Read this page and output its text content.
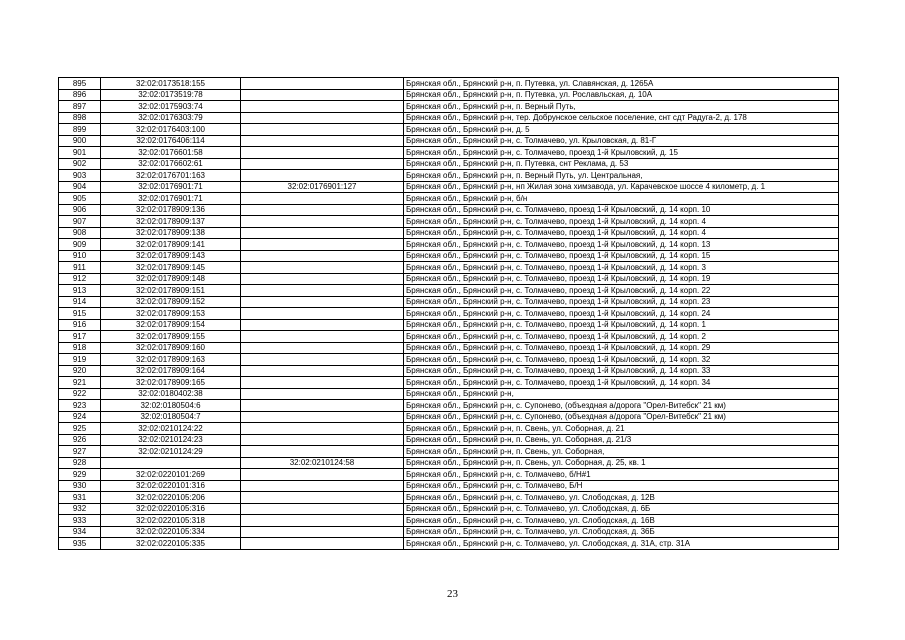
895	32:02:0173518:155		Брянская обл., Брянский р-н, п. Путевка, ул. Славянская, д. 1265А
896	32:02:0173519:78		Брянская обл., Брянский р-н, п. Путевка, ул. Рославльская, д. 10А
897	32:02:0175903:74		Брянская обл., Брянский р-н, п. Верный Путь,
898	32:02:0176303:79		Брянская обл., Брянский р-н, тер. Добрунское сельское поселение, снт сдт Радуга-2, д. 178
899	32:02:0176403:100		Брянская обл., Брянский р-н, д. 5
900	32:02:0176406:114		Брянская обл., Брянский р-н, с. Толмачево, ул. Крыловская, д. 81-Г
901	32:02:0176601:58		Брянская обл., Брянский р-н, с. Толмачево, проезд 1-й Крыловский, д. 15
902	32:02:0176602:61		Брянская обл., Брянский р-н, п. Путевка, снт Реклама, д. 53
903	32:02:0176701:163		Брянская обл., Брянский р-н, п. Верный Путь, ул. Центральная,
904	32:02:0176901:71	32:02:0176901:127	Брянская обл., Брянский р-н, нп Жилая зона химзавода, ул. Карачевское шоссе 4 километр, д. 1
905	32:02:0176901:71		Брянская обл., Брянский р-н, б/н
906	32:02:0178909:136		Брянская обл., Брянский р-н, с. Толмачево, проезд 1-й Крыловский, д. 14 корп. 10
907	32:02:0178909:137		Брянская обл., Брянский р-н, с. Толмачево, проезд 1-й Крыловский, д. 14 корп. 4
908	32:02:0178909:138		Брянская обл., Брянский р-н, с. Толмачево, проезд 1-й Крыловский, д. 14 корп. 4
909	32:02:0178909:141		Брянская обл., Брянский р-н, с. Толмачево, проезд 1-й Крыловский, д. 14 корп. 13
910	32:02:0178909:143		Брянская обл., Брянский р-н, с. Толмачево, проезд 1-й Крыловский, д. 14 корп. 15
911	32:02:0178909:145		Брянская обл., Брянский р-н, с. Толмачево, проезд 1-й Крыловский, д. 14 корп. 3
912	32:02:0178909:148		Брянская обл., Брянский р-н, с. Толмачево, проезд 1-й Крыловский, д. 14 корп. 19
913	32:02:0178909:151		Брянская обл., Брянский р-н, с. Толмачево, проезд 1-й Крыловский, д. 14 корп. 22
914	32:02:0178909:152		Брянская обл., Брянский р-н, с. Толмачево, проезд 1-й Крыловский, д. 14 корп. 23
915	32:02:0178909:153		Брянская обл., Брянский р-н, с. Толмачево, проезд 1-й Крыловский, д. 14 корп. 24
916	32:02:0178909:154		Брянская обл., Брянский р-н, с. Толмачево, проезд 1-й Крыловский, д. 14 корп. 1
917	32:02:0178909:155		Брянская обл., Брянский р-н, с. Толмачево, проезд 1-й Крыловский, д. 14 корп. 2
918	32:02:0178909:160		Брянская обл., Брянский р-н, с. Толмачево, проезд 1-й Крыловский, д. 14 корп. 29
919	32:02:0178909:163		Брянская обл., Брянский р-н, с. Толмачево, проезд 1-й Крыловский, д. 14 корп. 32
920	32:02:0178909:164		Брянская обл., Брянский р-н, с. Толмачево, проезд 1-й Крыловский, д. 14 корп. 33
921	32:02:0178909:165		Брянская обл., Брянский р-н, с. Толмачево, проезд 1-й Крыловский, д. 14 корп. 34
922	32:02:0180402:38		Брянская обл., Брянский р-н,
923	32:02:0180504:6		Брянская обл., Брянский р-н, с. Супонево, (объездная а/дорога "Орел-Витебск" 21 км)
924	32:02:0180504:7		Брянская обл., Брянский р-н, с. Супонево, (объездная а/дорога "Орел-Витебск" 21 км)
925	32:02:0210124:22		Брянская обл., Брянский р-н, п. Свень, ул. Соборная, д. 21
926	32:02:0210124:23		Брянская обл., Брянский р-н, п. Свень, ул. Соборная, д. 21/3
927	32:02:0210124:29		Брянская обл., Брянский р-н, п. Свень, ул. Соборная,
928		32:02:0210124:58	Брянская обл., Брянский р-н, п. Свень, ул. Соборная, д. 25, кв. 1
929	32:02:0220101:269		Брянская обл., Брянский р-н, с. Толмачево, б/Н#1
930	32:02:0220101:316		Брянская обл., Брянский р-н, с. Толмачево, Б/Н
931	32:02:0220105:206		Брянская обл., Брянский р-н, с. Толмачево, ул. Слободская, д. 12В
932	32:02:0220105:316		Брянская обл., Брянский р-н, с. Толмачево, ул. Слободская, д. 6Б
933	32:02:0220105:318		Брянская обл., Брянский р-н, с. Толмачево, ул. Слободская, д. 16В
934	32:02:0220105:334		Брянская обл., Брянский р-н, с. Толмачево, ул. Слободская, д. 36Б
935	32:02:0220105:335		Брянская обл., Брянский р-н, с. Толмачево, ул. Слободская, д. 31А, стр. 31А
23
